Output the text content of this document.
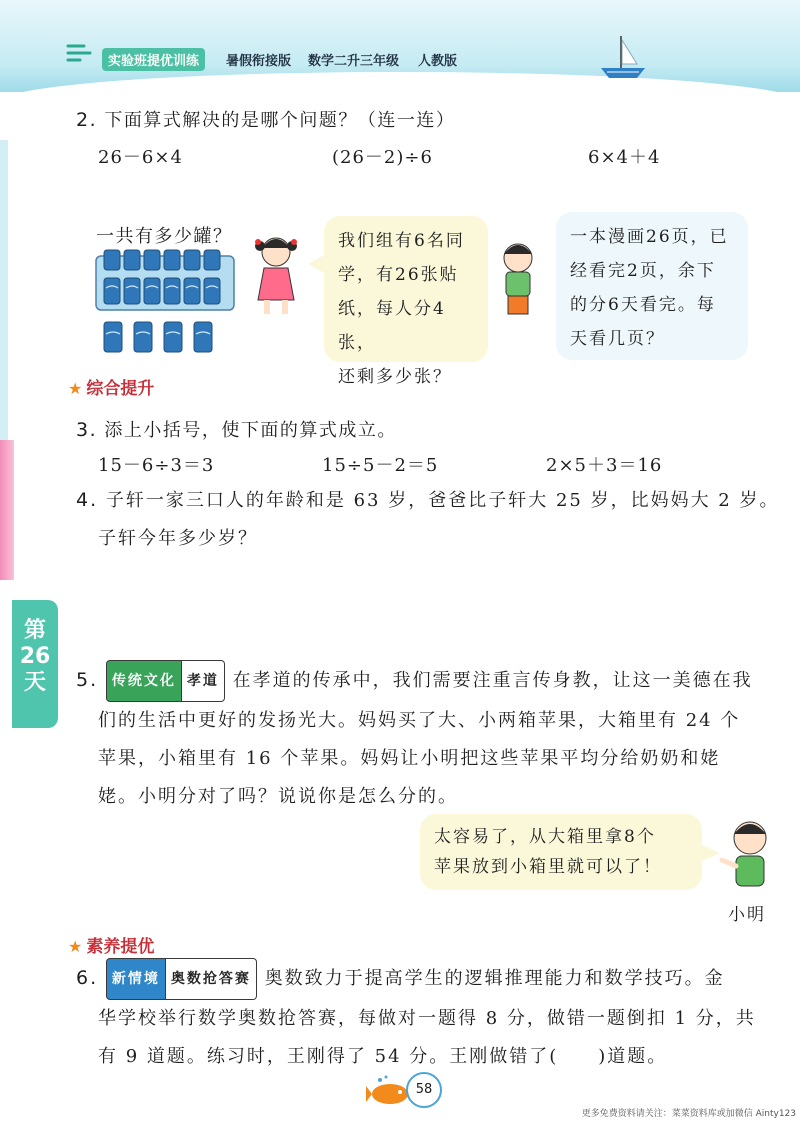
实验班提优训练	暑假衔接版 数学二升三年级 人教版
第
26
天
2. 下面算式解决的是哪个问题？（连一连）
26－6×4	(26－2)÷6	6×4＋4
一共有多少罐？	我们组有6名同
学，有26张贴
纸，每人分4张，
还剩多少张？
一本漫画26页，已
经看完2页，余下
的分6天看完。每
天看几页？
★ 综合提升
3. 添上小括号，使下面的算式成立。
15－6÷3＝3	15÷5－2＝5	2×5＋3＝16
4. 子轩一家三口人的年龄和是 63 岁，爸爸比子轩大 25 岁，比妈妈大 2 岁。
子轩今年多少岁？
5. 传统文化 孝道 在孝道的传承中，我们需要注重言传身教，让这一美德在我
们的生活中更好的发扬光大。妈妈买了大、小两箱苹果，大箱里有 24 个
苹果，小箱里有 16 个苹果。妈妈让小明把这些苹果平均分给奶奶和姥
姥。小明分对了吗？说说你是怎么分的。
太容易了，从大箱里拿8个
苹果放到小箱里就可以了！
小明
★ 素养提优
6. 新情境 奥数抢答赛 奥数致力于提高学生的逻辑推理能力和数学技巧。金
华学校举行数学奥数抢答赛，每做对一题得 8 分，做错一题倒扣 1 分，共
有 9 道题。练习时，王刚得了 54 分。王刚做错了(　　)道题。
58
更多免费资料请关注：菜菜资料库或加微信 Ainty123
